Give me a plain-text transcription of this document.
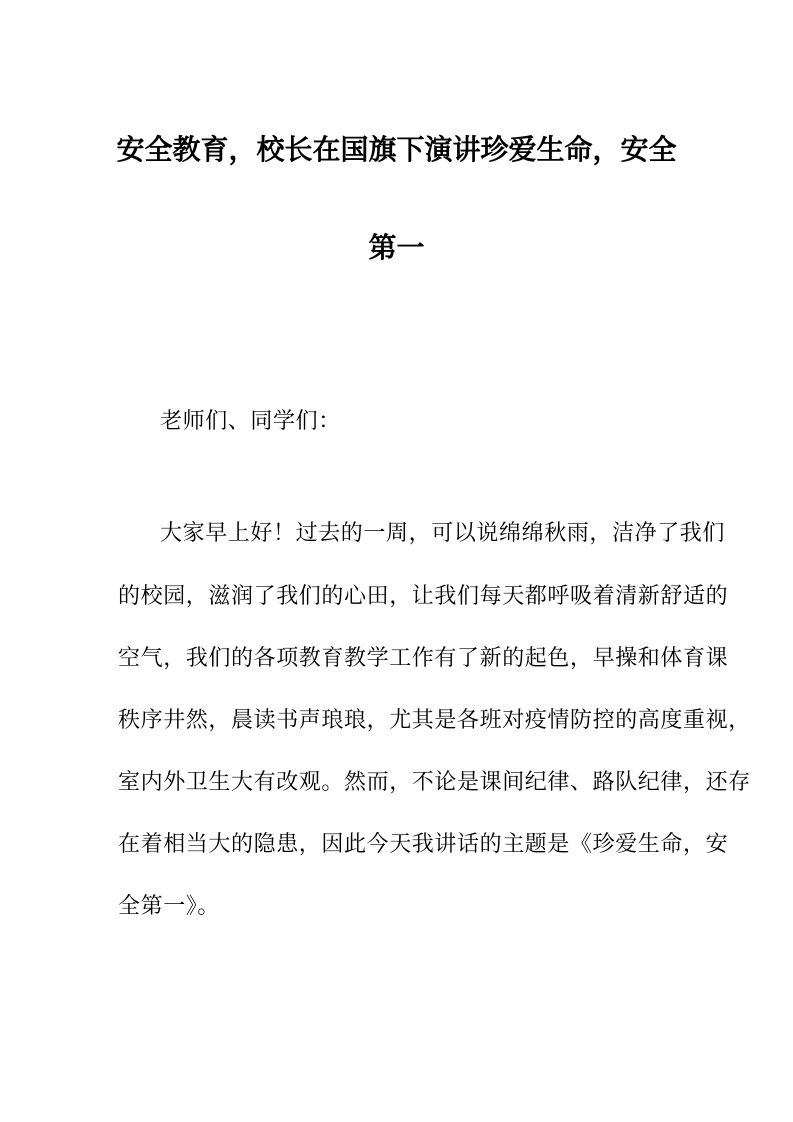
安全教育，校长在国旗下演讲珍爱生命，安全
第一
老师们、同学们：
大家早上好！过去的一周，可以说绵绵秋雨，洁净了我们
的校园，滋润了我们的心田，让我们每天都呼吸着清新舒适的
空气，我们的各项教育教学工作有了新的起色，早操和体育课
秩序井然，晨读书声琅琅，尤其是各班对疫情防控的高度重视，
室内外卫生大有改观。然而，不论是课间纪律、路队纪律，还存
在着相当大的隐患，因此今天我讲话的主题是《珍爱生命，安
全第一》。
